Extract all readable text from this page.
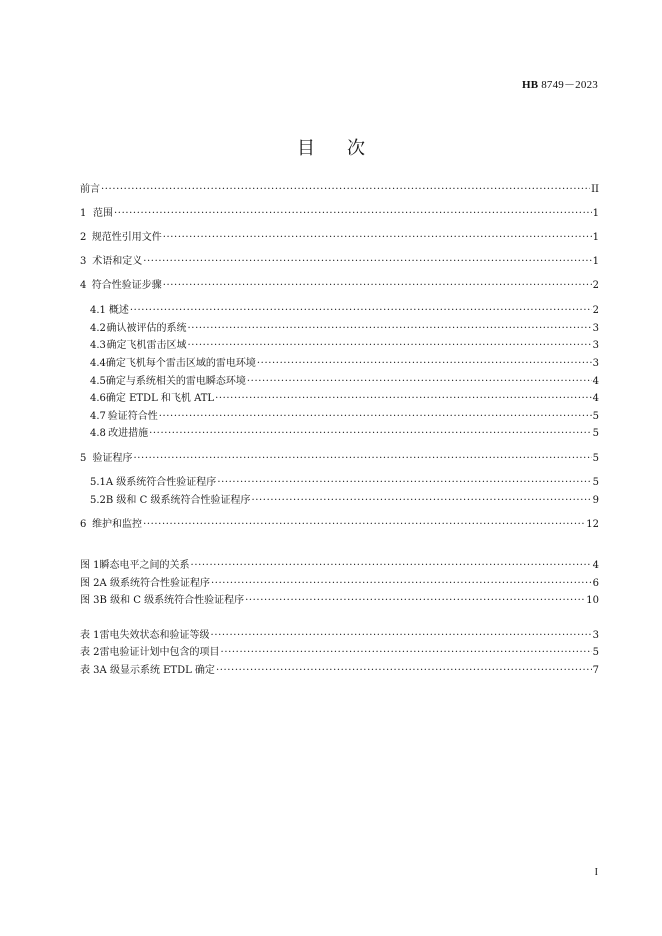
HB 8749－2023
目次
前言 ·····	II
1 范围 ·····	1
2 规范性引用文件 ·····	1
3 术语和定义 ·····	1
4 符合性验证步骤 ·····	2
4.1 概述 ·····	2
4.2 确认被评估的系统 ·····	3
4.3 确定飞机雷击区域 ·····	3
4.4 确定飞机每个雷击区域的雷电环境 ·····	3
4.5 确定与系统相关的雷电瞬态环境 ·····	4
4.6 确定 ETDL 和飞机 ATL ·····	4
4.7 验证符合性 ·····	5
4.8 改进措施 ·····	5
5 验证程序 ·····	5
5.1 A 级系统符合性验证程序 ·····	5
5.2 B 级和 C 级系统符合性验证程序 ·····	9
6 维护和监控 ·····	12
图 1 瞬态电平之间的关系 ·····	4
图 2 A 级系统符合性验证程序 ·····	6
图 3 B 级和 C 级系统符合性验证程序 ·····	10
表 1 雷电失效状态和验证等级 ·····	3
表 2 雷电验证计划中包含的项目 ·····	5
表 3 A 级显示系统 ETDL 确定 ·····	7
I
